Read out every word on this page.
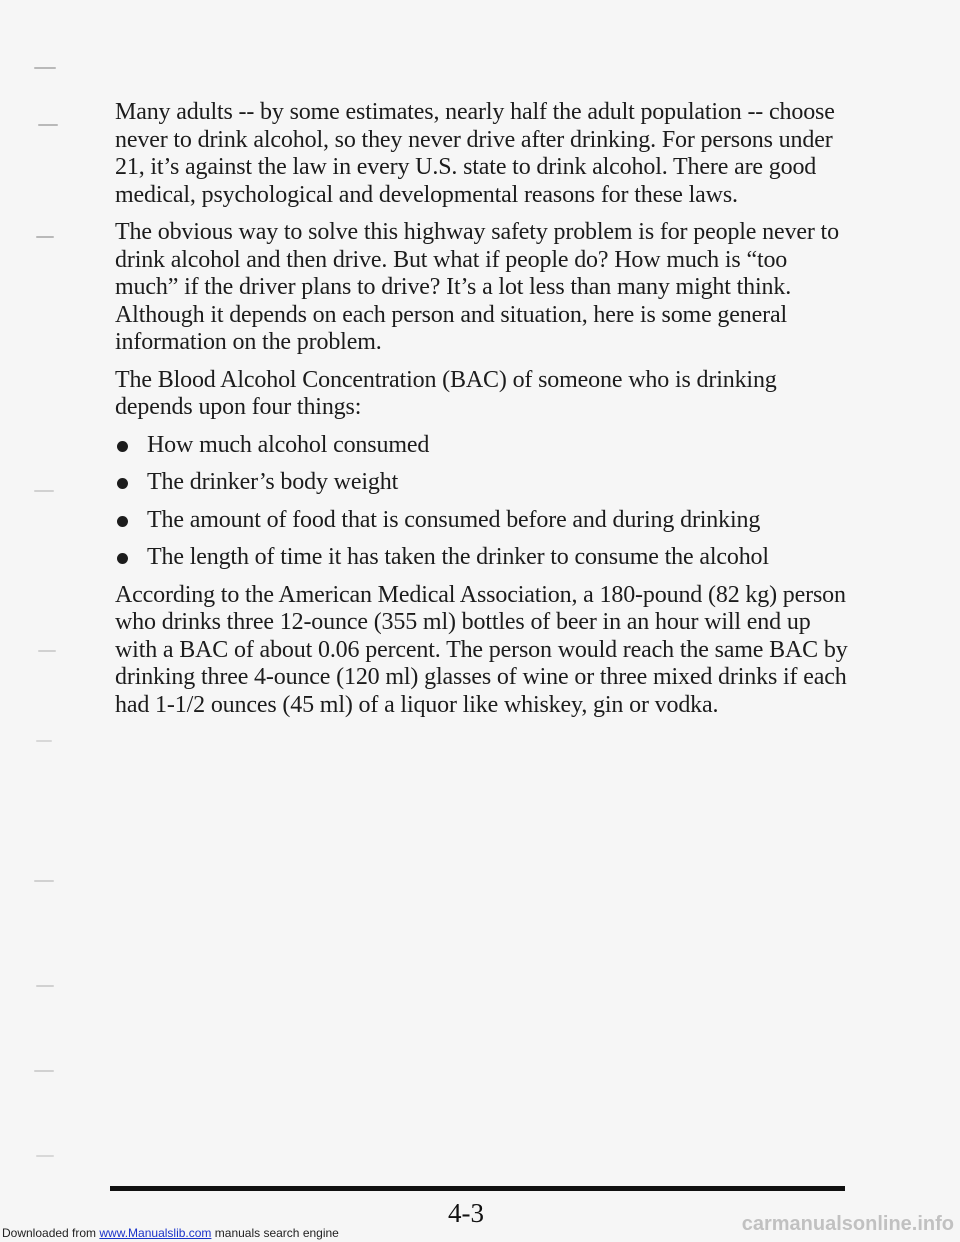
Many adults -- by some estimates, nearly half the adult population -- choose never to drink alcohol, so they never drive after drinking. For persons under 21, it’s against the law in every U.S. state to drink alcohol. There are good medical, psychological and developmental reasons for these laws.

The obvious way to solve this highway safety problem is for people never to drink alcohol and then drive. But what if people do? How much is “too much” if the driver plans to drive? It’s a lot less than many might think. Although it depends on each person and situation, here is some general information on the problem.

The Blood Alcohol Concentration (BAC) of someone who is drinking depends upon four things:

How much alcohol consumed
The drinker’s body weight
The amount of food that is consumed before and during drinking
The length of time it has taken the drinker to consume the alcohol

According to the American Medical Association, a 180-pound (82 kg) person who drinks three 12-ounce (355 ml) bottles of beer in an hour will end up with a BAC of about 0.06 percent. The person would reach the same BAC by drinking three 4-ounce (120 ml) glasses of wine or three mixed drinks if each had 1-1/2 ounces (45 ml) of a liquor like whiskey, gin or vodka.

4-3
Downloaded from www.Manualslib.com manuals search engine	carmanualsonline.info
